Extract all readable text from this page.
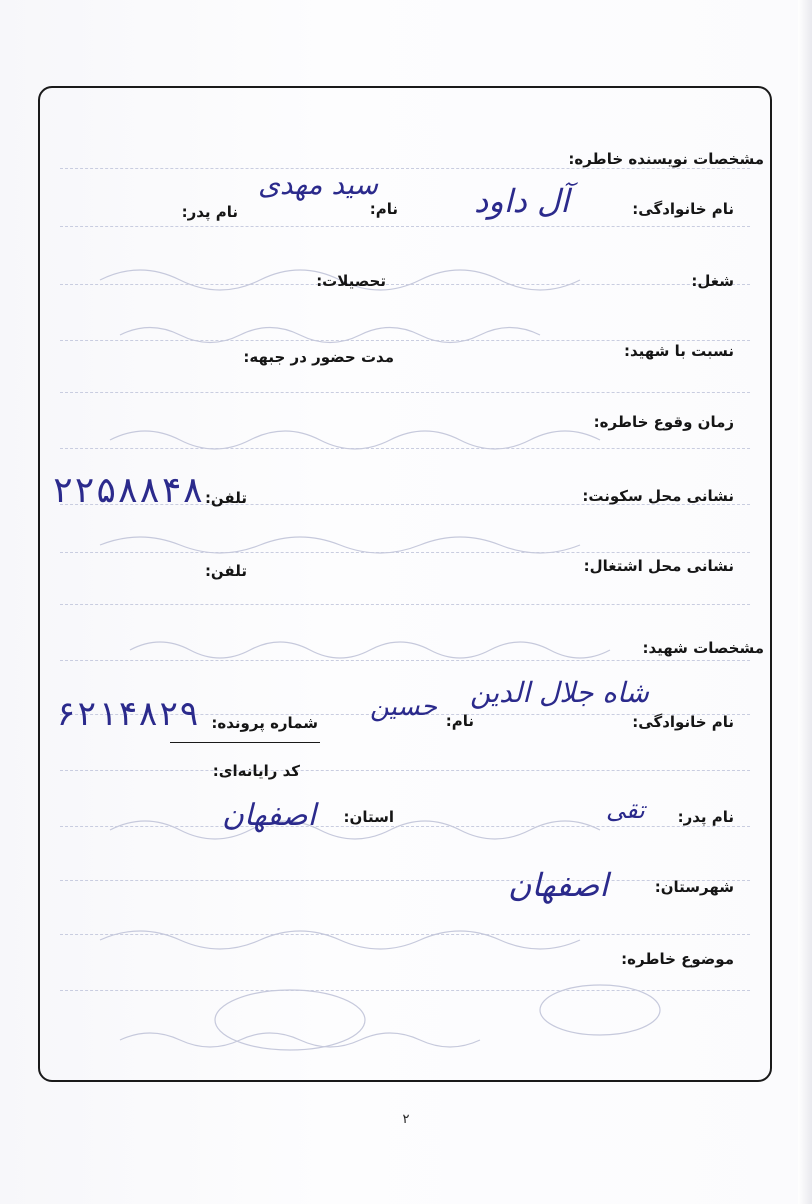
مشخصات نویسنده خاطره:
نام خانوادگی:
آل داود
نام:
سید مهدی
نام پدر:
شغل:
تحصیلات:
نسبت با شهید:
مدت حضور در جبهه:
زمان وقوع خاطره:
نشانی محل سکونت:
تلفن:
۲۲۵۸۸۴۸
نشانی محل اشتغال:
تلفن:
مشخصات شهید:
نام خانوادگی:
شاه جلال الدین
نام:
حسین
شماره پرونده:
۶۲۱۴۸۲۹
کد رایانه‌ای:
نام پدر:
تقی
استان:
اصفهان
شهرستان:
اصفهان
موضوع خاطره:
۲
